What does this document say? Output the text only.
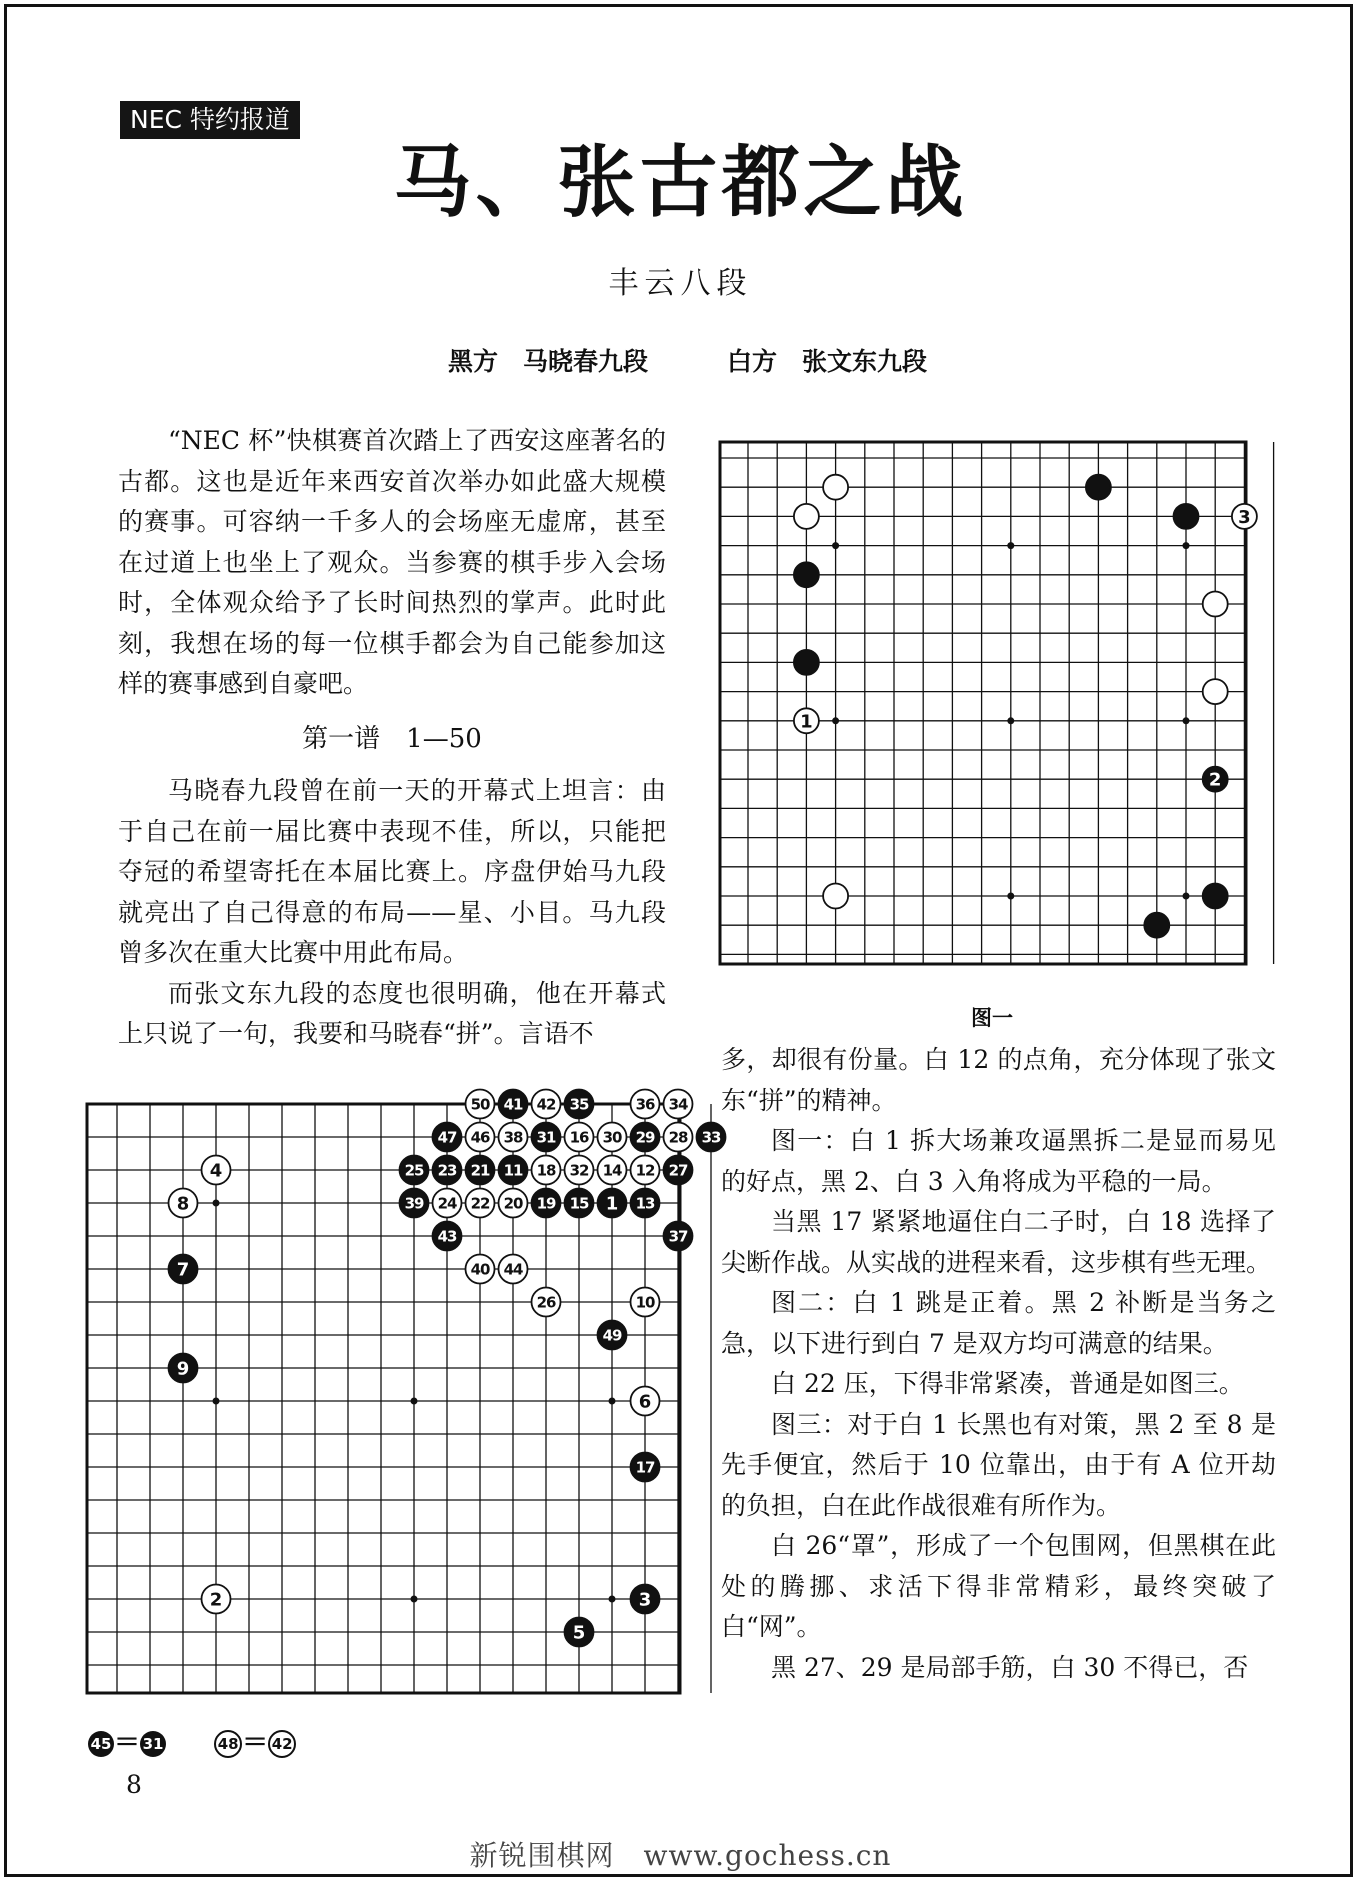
NEC 特约报道
马、张古都之战
丰云八段
黑方　马晓春九段	白方　张文东九段

“NEC 杯”快棋赛首次踏上了西安这座著名的古都。这也是近年来西安首次举办如此盛大规模的赛事。可容纳一千多人的会场座无虚席，甚至在过道上也坐上了观众。当参赛的棋手步入会场时，全体观众给予了长时间热烈的掌声。此时此刻，我想在场的每一位棋手都会为自己能参加这样的赛事感到自豪吧。

第一谱　1—50

马晓春九段曾在前一天的开幕式上坦言：由于自己在前一届比赛中表现不佳，所以，只能把夺冠的希望寄托在本届比赛上。序盘伊始马九段就亮出了自己得意的布局——星、小目。马九段曾多次在重大比赛中用此布局。

而张文东九段的态度也很明确，他在开幕式上只说了一句，我要和马晓春“拼”。言语不

1
3
2
图一

多，却很有份量。白 12 的点角，充分体现了张文东“拼”的精神。

图一：白 1 拆大场兼攻逼黑拆二是显而易见的好点，黑 2、白 3 入角将成为平稳的一局。

当黑 17 紧紧地逼住白二子时，白 18 选择了尖断作战。从实战的进程来看，这步棋有些无理。

图二：白 1 跳是正着。黑 2 补断是当务之急，以下进行到白 7 是双方均可满意的结果。

白 22 压，下得非常紧凑，普通是如图三。

图三：对于白 1 长黑也有对策，黑 2 至 8 是先手便宜，然后于 10 位靠出，由于有 A 位开劫的负担，白在此作战很难有所作为。

白 26“罩”，形成了一个包围网，但黑棋在此处的腾挪、求活下得非常精彩，最终突破了白“网”。

黑 27、29 是局部手筋，白 30 不得已，否

50 41 42 35	36 34
47 46 38 31 16 30 29 28 33
4	25 23 21 11 18 32 14 12 27
8	39 24 22 20 19 15 1 13
43	37
7	40 44
26	10
49
9
6
17
2	3
5
45＝ 31	48 ＝ 42
8
新锐围棋网　www.gochess.cn
